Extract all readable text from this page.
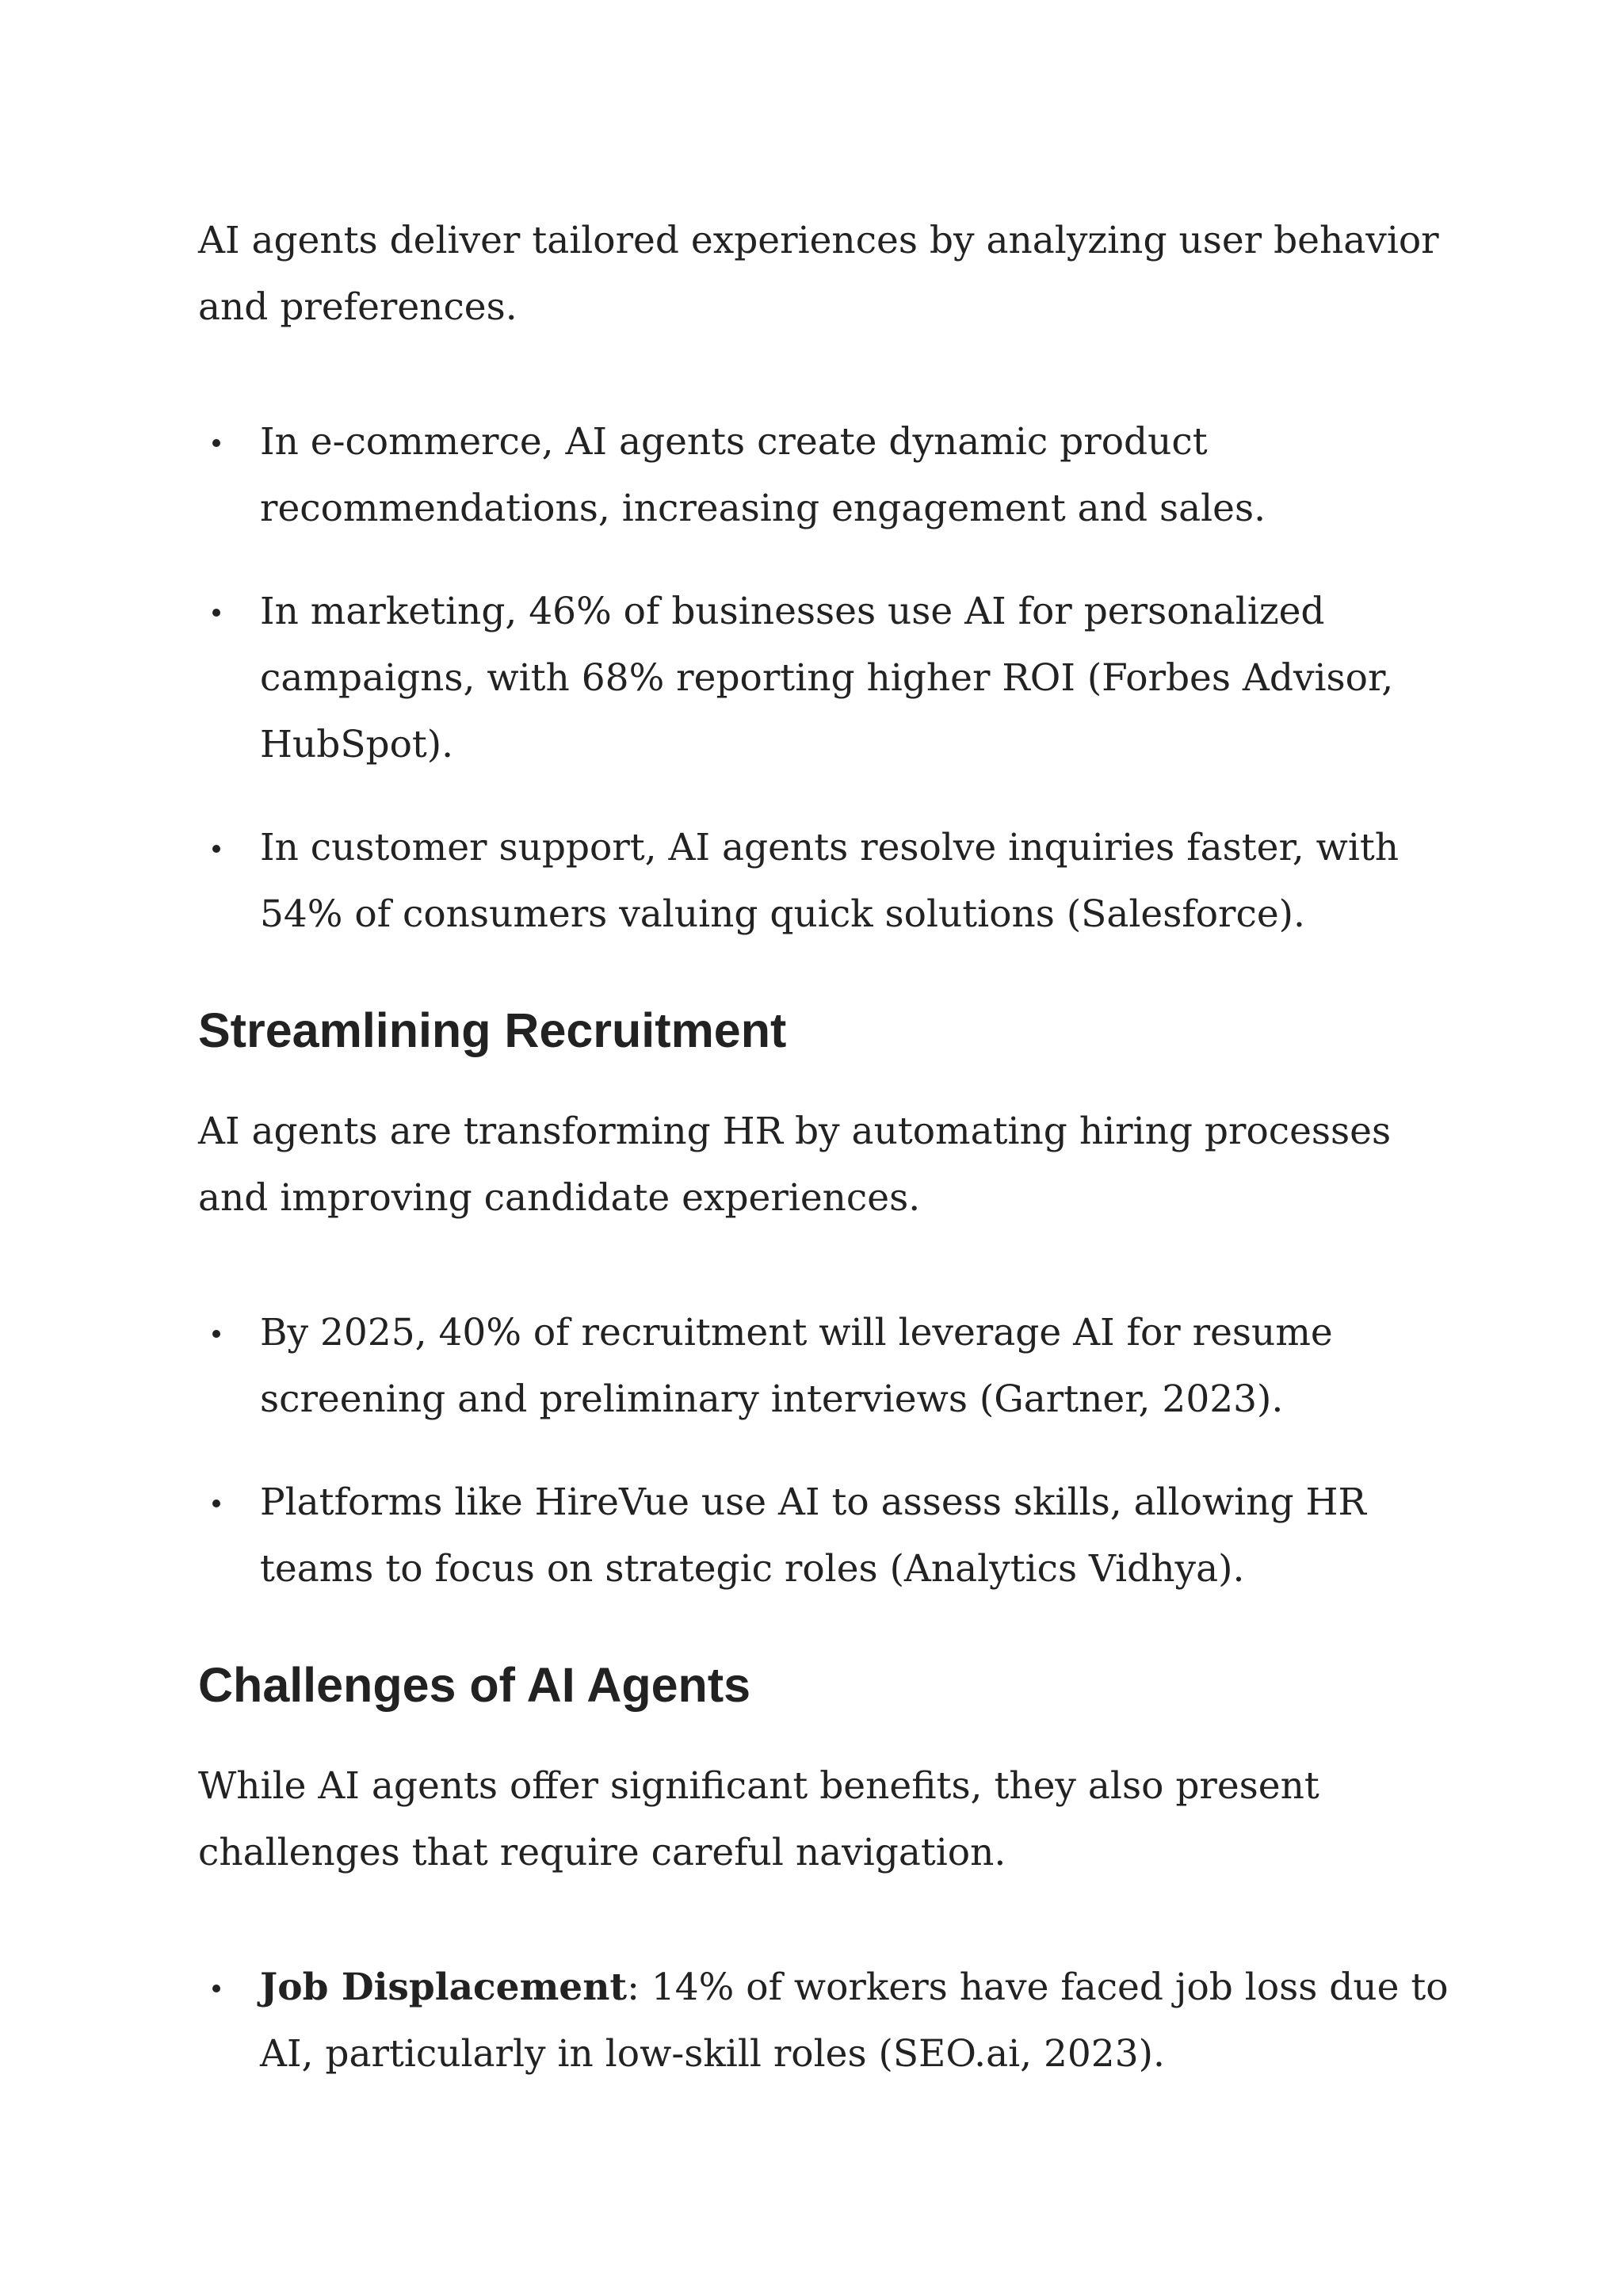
AI agents deliver tailored experiences by analyzing user behavior and preferences.

In e-commerce, AI agents create dynamic product recommendations, increasing engagement and sales.
In marketing, 46% of businesses use AI for personalized campaigns, with 68% reporting higher ROI (Forbes Advisor, HubSpot).
In customer support, AI agents resolve inquiries faster, with 54% of consumers valuing quick solutions (Salesforce).
Streamlining Recruitment

AI agents are transforming HR by automating hiring processes and improving candidate experiences.

By 2025, 40% of recruitment will leverage AI for resume screening and preliminary interviews (Gartner, 2023).
Platforms like HireVue use AI to assess skills, allowing HR teams to focus on strategic roles (Analytics Vidhya).
Challenges of AI Agents

While AI agents offer significant benefits, they also present challenges that require careful navigation.

Job Displacement: 14% of workers have faced job loss due to AI, particularly in low-skill roles (SEO.ai, 2023).
